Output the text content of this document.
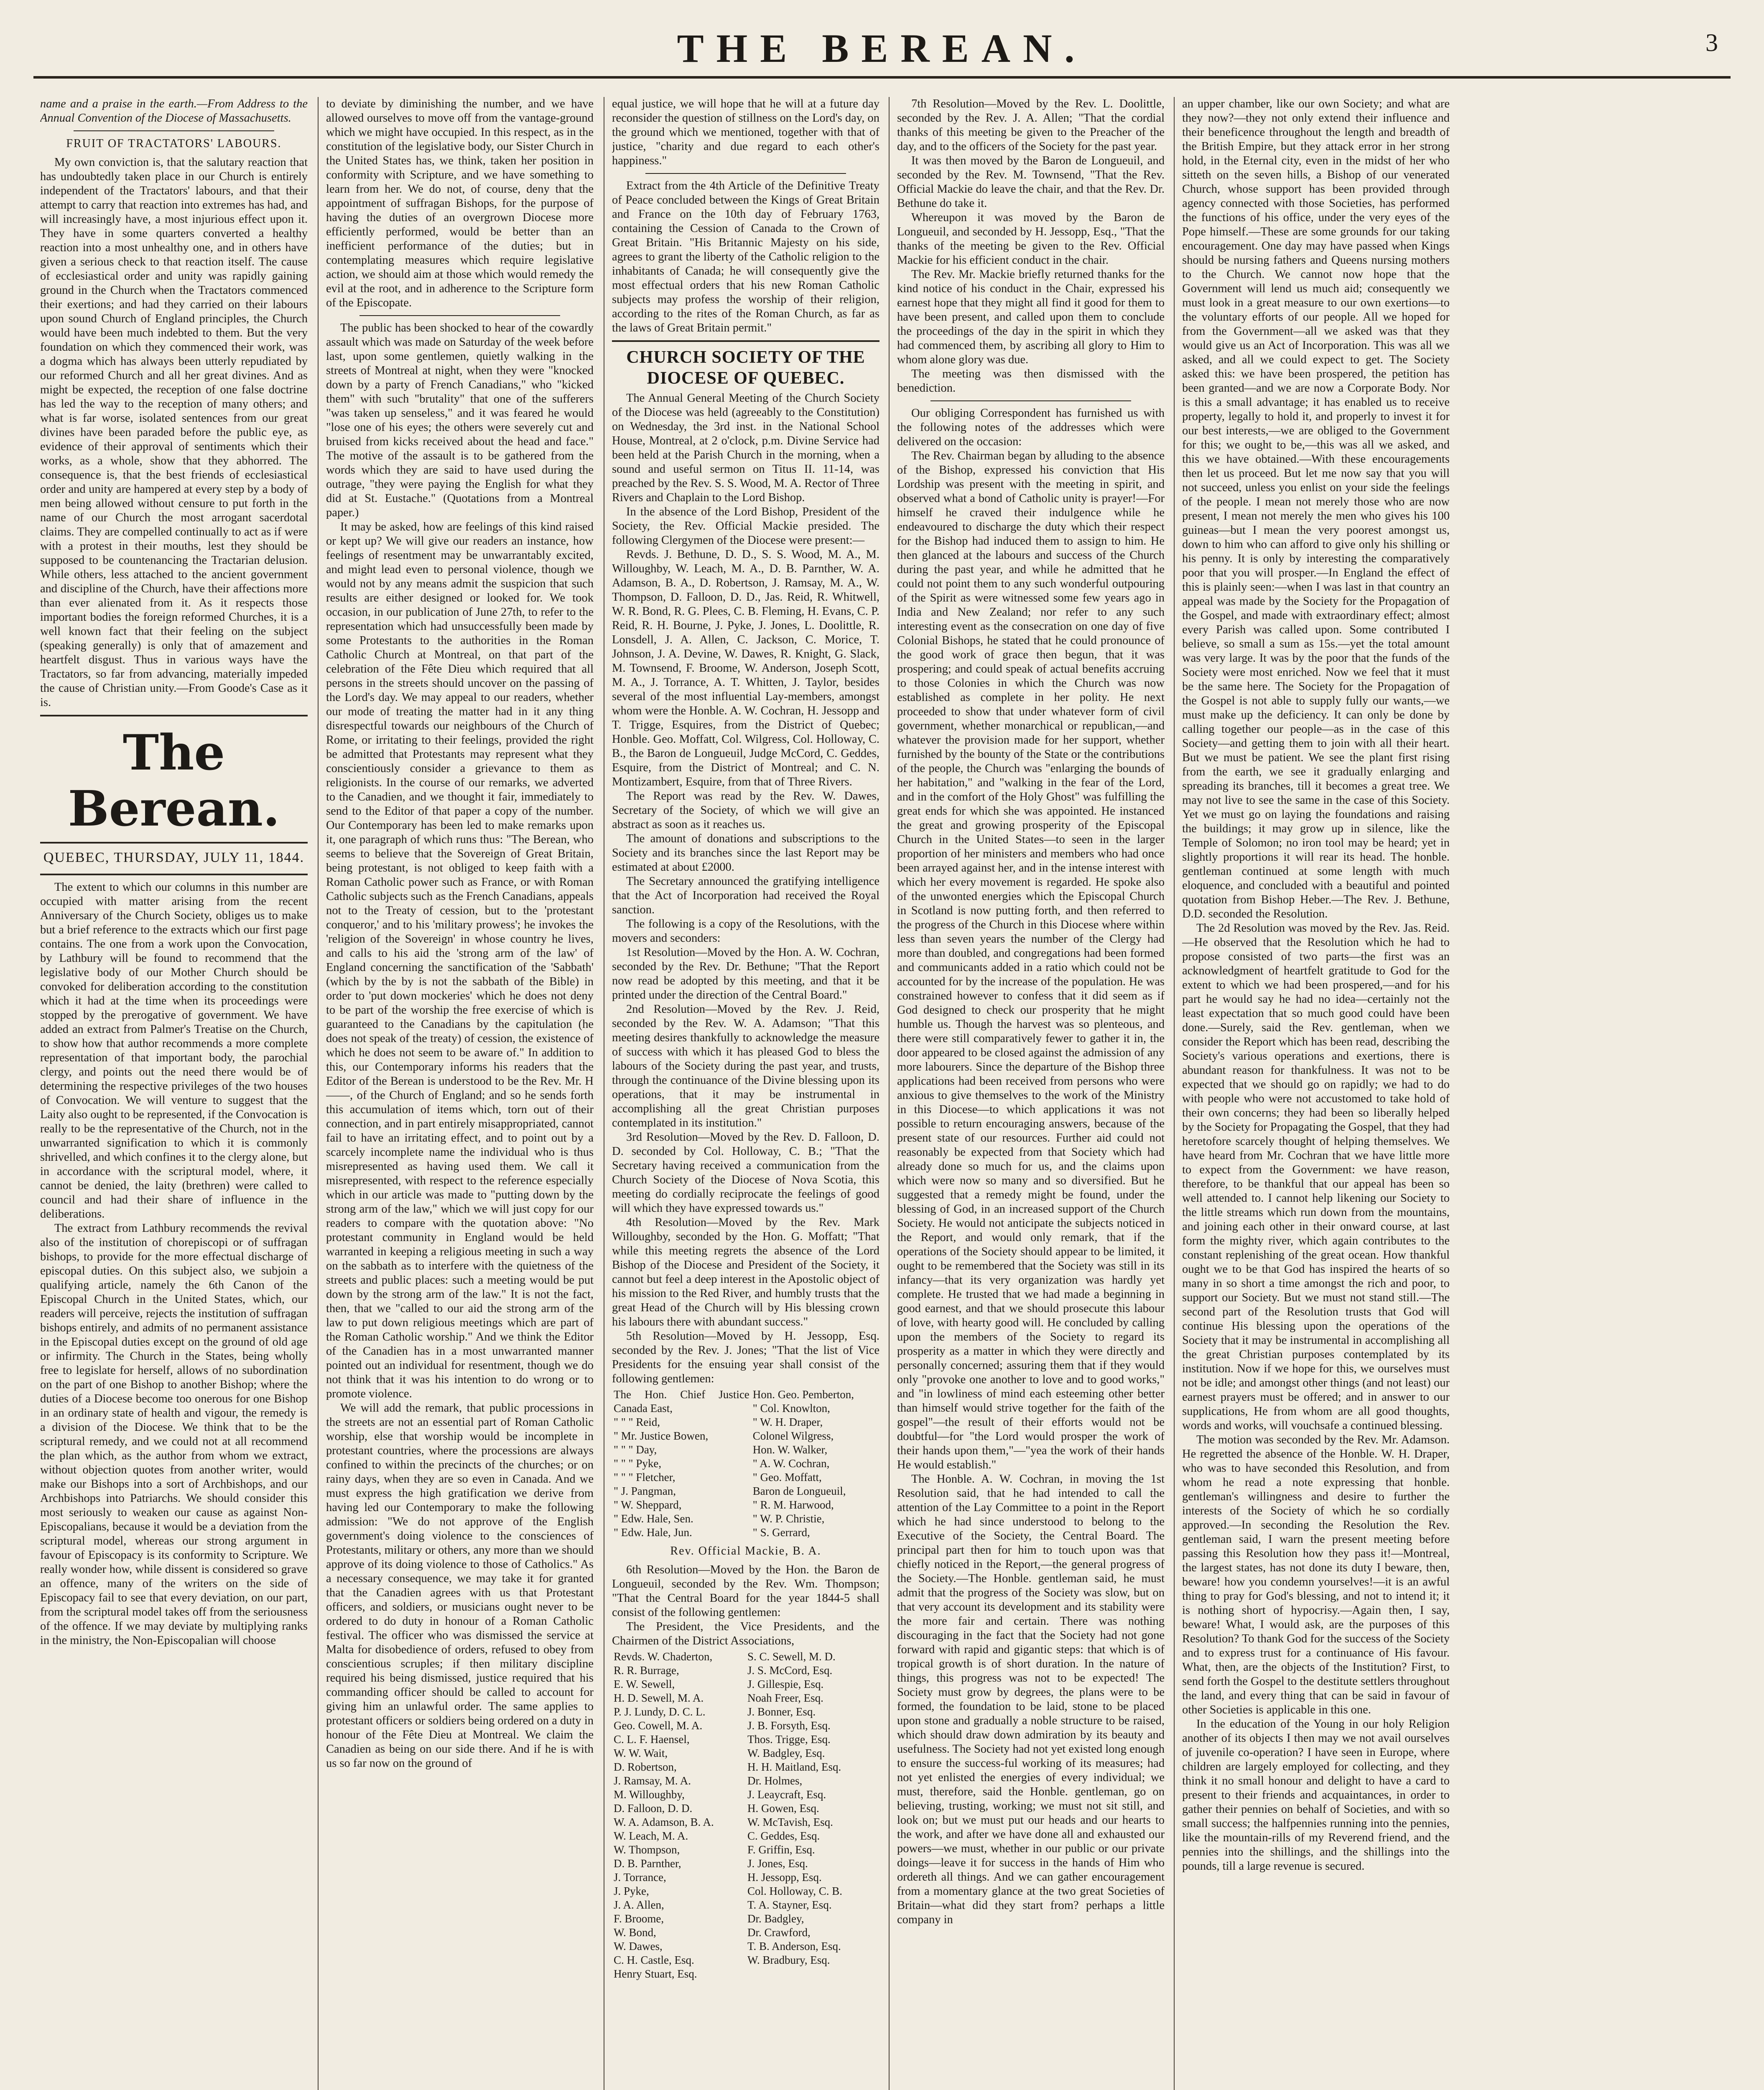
THE BEREAN.	3

name and a praise in the earth.—From Address to the Annual Convention of the Diocese of Massachusetts.

FRUIT OF TRACTATORS' LABOURS.

My own conviction is, that the salutary reaction that has undoubtedly taken place in our Church is entirely independent of the Tractators' labours, and that their attempt to carry that reaction into extremes has had, and will increasingly have, a most injurious effect upon it. They have in some quarters converted a healthy reaction into a most unhealthy one, and in others have given a serious check to that reaction itself. The cause of ecclesiastical order and unity was rapidly gaining ground in the Church when the Tractators commenced their exertions; and had they carried on their labours upon sound Church of England principles, the Church would have been much indebted to them. But the very foundation on which they commenced their work, was a dogma which has always been utterly repudiated by our reformed Church and all her great divines. And as might be expected, the reception of one false doctrine has led the way to the reception of many others; and what is far worse, isolated sentences from our great divines have been paraded before the public eye, as evidence of their approval of sentiments which their works, as a whole, show that they abhorred. The consequence is, that the best friends of ecclesiastical order and unity are hampered at every step by a body of men being allowed without censure to put forth in the name of our Church the most arrogant sacerdotal claims. They are compelled continually to act as if were with a protest in their mouths, lest they should be supposed to be countenancing the Tractarian delusion. While others, less attached to the ancient government and discipline of the Church, have their affections more than ever alienated from it. As it respects those important bodies the foreign reformed Churches, it is a well known fact that their feeling on the subject (speaking generally) is only that of amazement and heartfelt disgust. Thus in various ways have the Tractators, so far from advancing, materially impeded the cause of Christian unity.—From Goode's Case as it is.

The Berean.
QUEBEC, THURSDAY, JULY 11, 1844.

The extent to which our columns in this number are occupied with matter arising from the recent Anniversary of the Church Society, obliges us to make but a brief reference to the extracts which our first page contains. The one from a work upon the Convocation, by Lathbury will be found to recommend that the legislative body of our Mother Church should be convoked for deliberation according to the constitution which it had at the time when its proceedings were stopped by the prerogative of government. We have added an extract from Palmer's Treatise on the Church, to show how that author recommends a more complete representation of that important body, the parochial clergy, and points out the need there would be of determining the respective privileges of the two houses of Convocation. We will venture to suggest that the Laity also ought to be represented, if the Convocation is really to be the representative of the Church, not in the unwarranted signification to which it is commonly shrivelled, and which confines it to the clergy alone, but in accordance with the scriptural model, where, it cannot be denied, the laity (brethren) were called to council and had their share of influence in the deliberations.

The extract from Lathbury recommends the revival also of the institution of chorepiscopi or of suffragan bishops, to provide for the more effectual discharge of episcopal duties. On this subject also, we subjoin a qualifying article, namely the 6th Canon of the Episcopal Church in the United States, which, our readers will perceive, rejects the institution of suffragan bishops entirely, and admits of no permanent assistance in the Episcopal duties except on the ground of old age or infirmity. The Church in the States, being wholly free to legislate for herself, allows of no subordination on the part of one Bishop to another Bishop; where the duties of a Diocese become too onerous for one Bishop in an ordinary state of health and vigour, the remedy is a division of the Diocese. We think that to be the scriptural remedy, and we could not at all recommend the plan which, as the author from whom we extract, without objection quotes from another writer, would make our Bishops into a sort of Archbishops, and our Archbishops into Patriarchs. We should consider this most seriously to weaken our cause as against Non-Episcopalians, because it would be a deviation from the scriptural model, whereas our strong argument in favour of Episcopacy is its conformity to Scripture. We really wonder how, while dissent is considered so grave an offence, many of the writers on the side of Episcopacy fail to see that every deviation, on our part, from the scriptural model takes off from the seriousness of the offence. If we may deviate by multiplying ranks in the ministry, the Non-Episcopalian will choose

to deviate by diminishing the number, and we have allowed ourselves to move off from the vantage-ground which we might have occupied. In this respect, as in the constitution of the legislative body, our Sister Church in the United States has, we think, taken her position in conformity with Scripture, and we have something to learn from her. We do not, of course, deny that the appointment of suffragan Bishops, for the purpose of having the duties of an overgrown Diocese more efficiently performed, would be better than an inefficient performance of the duties; but in contemplating measures which require legislative action, we should aim at those which would remedy the evil at the root, and in adherence to the Scripture form of the Episcopate.

The public has been shocked to hear of the cowardly assault which was made on Saturday of the week before last, upon some gentlemen, quietly walking in the streets of Montreal at night, when they were "knocked down by a party of French Canadians," who "kicked them" with such "brutality" that one of the sufferers "was taken up senseless," and it was feared he would "lose one of his eyes; the others were severely cut and bruised from kicks received about the head and face." The motive of the assault is to be gathered from the words which they are said to have used during the outrage, "they were paying the English for what they did at St. Eustache." (Quotations from a Montreal paper.)

It may be asked, how are feelings of this kind raised or kept up? We will give our readers an instance, how feelings of resentment may be unwarrantably excited, and might lead even to personal violence, though we would not by any means admit the suspicion that such results are either designed or looked for. We took occasion, in our publication of June 27th, to refer to the representation which had unsuccessfully been made by some Protestants to the authorities in the Roman Catholic Church at Montreal, on that part of the celebration of the Fête Dieu which required that all persons in the streets should uncover on the passing of the Lord's day. We may appeal to our readers, whether our mode of treating the matter had in it any thing disrespectful towards our neighbours of the Church of Rome, or irritating to their feelings, provided the right be admitted that Protestants may represent what they conscientiously consider a grievance to them as religionists. In the course of our remarks, we adverted to the Canadien, and we thought it fair, immediately to send to the Editor of that paper a copy of the number. Our Contemporary has been led to make remarks upon it, one paragraph of which runs thus: "The Berean, who seems to believe that the Sovereign of Great Britain, being protestant, is not obliged to keep faith with a Roman Catholic power such as France, or with Roman Catholic subjects such as the French Canadians, appeals not to the Treaty of cession, but to the 'protestant conqueror,' and to his 'military prowess'; he invokes the 'religion of the Sovereign' in whose country he lives, and calls to his aid the 'strong arm of the law' of England concerning the sanctification of the 'Sabbath' (which by the by is not the sabbath of the Bible) in order to 'put down mockeries' which he does not deny to be part of the worship the free exercise of which is guaranteed to the Canadians by the capitulation (he does not speak of the treaty) of cession, the existence of which he does not seem to be aware of." In addition to this, our Contemporary informs his readers that the Editor of the Berean is understood to be the Rev. Mr. H——, of the Church of England; and so he sends forth this accumulation of items which, torn out of their connection, and in part entirely misappropriated, cannot fail to have an irritating effect, and to point out by a scarcely incomplete name the individual who is thus misrepresented as having used them. We call it misrepresented, with respect to the reference especially which in our article was made to "putting down by the strong arm of the law," which we will just copy for our readers to compare with the quotation above: "No protestant community in England would be held warranted in keeping a religious meeting in such a way on the sabbath as to interfere with the quietness of the streets and public places: such a meeting would be put down by the strong arm of the law." It is not the fact, then, that we "called to our aid the strong arm of the law to put down religious meetings which are part of the Roman Catholic worship." And we think the Editor of the Canadien has in a most unwarranted manner pointed out an individual for resentment, though we do not think that it was his intention to do wrong or to promote violence.

We will add the remark, that public processions in the streets are not an essential part of Roman Catholic worship, else that worship would be incomplete in protestant countries, where the processions are always confined to within the precincts of the churches; or on rainy days, when they are so even in Canada. And we must express the high gratification we derive from having led our Contemporary to make the following admission: "We do not approve of the English government's doing violence to the consciences of Protestants, military or others, any more than we should approve of its doing violence to those of Catholics." As a necessary consequence, we may take it for granted that the Canadien agrees with us that Protestant officers, and soldiers, or musicians ought never to be ordered to do duty in honour of a Roman Catholic festival. The officer who was dismissed the service at Malta for disobedience of orders, refused to obey from conscientious scruples; if then military discipline required his being dismissed, justice required that his commanding officer should be called to account for giving him an unlawful order. The same applies to protestant officers or soldiers being ordered on a duty in honour of the Fête Dieu at Montreal. We claim the Canadien as being on our side there. And if he is with us so far now on the ground of

equal justice, we will hope that he will at a future day reconsider the question of stillness on the Lord's day, on the ground which we mentioned, together with that of justice, "charity and due regard to each other's happiness."

Extract from the 4th Article of the Definitive Treaty of Peace concluded between the Kings of Great Britain and France on the 10th day of February 1763, containing the Cession of Canada to the Crown of Great Britain. "His Britannic Majesty on his side, agrees to grant the liberty of the Catholic religion to the inhabitants of Canada; he will consequently give the most effectual orders that his new Roman Catholic subjects may profess the worship of their religion, according to the rites of the Roman Church, as far as the laws of Great Britain permit."

CHURCH SOCIETY OF THE DIOCESE OF QUEBEC.

The Annual General Meeting of the Church Society of the Diocese was held (agreeably to the Constitution) on Wednesday, the 3rd inst. in the National School House, Montreal, at 2 o'clock, p.m. Divine Service had been held at the Parish Church in the morning, when a sound and useful sermon on Titus II. 11-14, was preached by the Rev. S. S. Wood, M. A. Rector of Three Rivers and Chaplain to the Lord Bishop.

In the absence of the Lord Bishop, President of the Society, the Rev. Official Mackie presided. The following Clergymen of the Diocese were present:—

Revds. J. Bethune, D. D., S. S. Wood, M. A., M. Willoughby, W. Leach, M. A., D. B. Parnther, W. A. Adamson, B. A., D. Robertson, J. Ramsay, M. A., W. Thompson, D. Falloon, D. D., Jas. Reid, R. Whitwell, W. R. Bond, R. G. Plees, C. B. Fleming, H. Evans, C. P. Reid, R. H. Bourne, J. Pyke, J. Jones, L. Doolittle, R. Lonsdell, J. A. Allen, C. Jackson, C. Morice, T. Johnson, J. A. Devine, W. Dawes, R. Knight, G. Slack, M. Townsend, F. Broome, W. Anderson, Joseph Scott, M. A., J. Torrance, A. T. Whitten, J. Taylor, besides several of the most influential Lay-members, amongst whom were the Honble. A. W. Cochran, H. Jessopp and T. Trigge, Esquires, from the District of Quebec; Honble. Geo. Moffatt, Col. Wilgress, Col. Holloway, C. B., the Baron de Longueuil, Judge McCord, C. Geddes, Esquire, from the District of Montreal; and C. N. Montizambert, Esquire, from that of Three Rivers.

The Report was read by the Rev. W. Dawes, Secretary of the Society, of which we will give an abstract as soon as it reaches us.

The amount of donations and subscriptions to the Society and its branches since the last Report may be estimated at about £2000.

The Secretary announced the gratifying intelligence that the Act of Incorporation had received the Royal sanction.

The following is a copy of the Resolutions, with the movers and seconders:

1st Resolution—Moved by the Hon. A. W. Cochran, seconded by the Rev. Dr. Bethune; "That the Report now read be adopted by this meeting, and that it be printed under the direction of the Central Board."

2nd Resolution—Moved by the Rev. J. Reid, seconded by the Rev. W. A. Adamson; "That this meeting desires thankfully to acknowledge the measure of success with which it has pleased God to bless the labours of the Society during the past year, and trusts, through the continuance of the Divine blessing upon its operations, that it may be instrumental in accomplishing all the great Christian purposes contemplated in its institution."

3rd Resolution—Moved by the Rev. D. Falloon, D. D. seconded by Col. Holloway, C. B.; "That the Secretary having received a communication from the Church Society of the Diocese of Nova Scotia, this meeting do cordially reciprocate the feelings of good will which they have expressed towards us."

4th Resolution—Moved by the Rev. Mark Willoughby, seconded by the Hon. G. Moffatt; "That while this meeting regrets the absence of the Lord Bishop of the Diocese and President of the Society, it cannot but feel a deep interest in the Apostolic object of his mission to the Red River, and humbly trusts that the great Head of the Church will by His blessing crown his labours there with abundant success."

5th Resolution—Moved by H. Jessopp, Esq. seconded by the Rev. J. Jones; "That the list of Vice Presidents for the ensuing year shall consist of the following gentlemen:

The Hon. Chief Justice Canada East,
" " " Reid,
" Mr. Justice Bowen,
" " " Day,
" " " Pyke,
" " " Fletcher,
" J. Pangman,
" W. Sheppard,
" Edw. Hale, Sen.
" Edw. Hale, Jun.

Hon. Geo. Pemberton,
" Col. Knowlton,
" W. H. Draper,
Colonel Wilgress,
Hon. W. Walker,
" A. W. Cochran,
" Geo. Moffatt,
Baron de Longueuil,
" R. M. Harwood,
" W. P. Christie,
" S. Gerrard,
Rev. Official Mackie, B. A.

6th Resolution—Moved by the Hon. the Baron de Longueuil, seconded by the Rev. Wm. Thompson; "That the Central Board for the year 1844-5 shall consist of the following gentlemen:

The President, the Vice Presidents, and the Chairmen of the District Associations,

Revds. W. Chaderton,
R. R. Burrage,
E. W. Sewell,
H. D. Sewell, M. A.
P. J. Lundy, D. C. L.
Geo. Cowell, M. A.
C. L. F. Haensel,
W. W. Wait,
D. Robertson,
J. Ramsay, M. A.
M. Willoughby,
D. Falloon, D. D.
W. A. Adamson, B. A.
W. Leach, M. A.
W. Thompson,
D. B. Parnther,
J. Torrance,
J. Pyke,
J. A. Allen,
F. Broome,
W. Bond,
W. Dawes,
C. H. Castle, Esq.
Henry Stuart, Esq.

S. C. Sewell, M. D.
J. S. McCord, Esq.
J. Gillespie, Esq.
Noah Freer, Esq.
J. Bonner, Esq.
J. B. Forsyth, Esq.
Thos. Trigge, Esq.
W. Badgley, Esq.
H. H. Maitland, Esq.
Dr. Holmes,
J. Leaycraft, Esq.
H. Gowen, Esq.
W. McTavish, Esq.
C. Geddes, Esq.
F. Griffin, Esq.
J. Jones, Esq.
H. Jessopp, Esq.
Col. Holloway, C. B.
T. A. Stayner, Esq.
Dr. Badgley,
Dr. Crawford,
T. B. Anderson, Esq.
W. Bradbury, Esq.

7th Resolution—Moved by the Rev. L. Doolittle, seconded by the Rev. J. A. Allen; "That the cordial thanks of this meeting be given to the Preacher of the day, and to the officers of the Society for the past year.

It was then moved by the Baron de Longueuil, and seconded by the Rev. M. Townsend, "That the Rev. Official Mackie do leave the chair, and that the Rev. Dr. Bethune do take it.

Whereupon it was moved by the Baron de Longueuil, and seconded by H. Jessopp, Esq., "That the thanks of the meeting be given to the Rev. Official Mackie for his efficient conduct in the chair.

The Rev. Mr. Mackie briefly returned thanks for the kind notice of his conduct in the Chair, expressed his earnest hope that they might all find it good for them to have been present, and called upon them to conclude the proceedings of the day in the spirit in which they had commenced them, by ascribing all glory to Him to whom alone glory was due.

The meeting was then dismissed with the benediction.

Our obliging Correspondent has furnished us with the following notes of the addresses which were delivered on the occasion:

The Rev. Chairman began by alluding to the absence of the Bishop, expressed his conviction that His Lordship was present with the meeting in spirit, and observed what a bond of Catholic unity is prayer!—For himself he craved their indulgence while he endeavoured to discharge the duty which their respect for the Bishop had induced them to assign to him. He then glanced at the labours and success of the Church during the past year, and while he admitted that he could not point them to any such wonderful outpouring of the Spirit as were witnessed some few years ago in India and New Zealand; nor refer to any such interesting event as the consecration on one day of five Colonial Bishops, he stated that he could pronounce of the good work of grace then begun, that it was prospering; and could speak of actual benefits accruing to those Colonies in which the Church was now established as complete in her polity. He next proceeded to show that under whatever form of civil government, whether monarchical or republican,—and whatever the provision made for her support, whether furnished by the bounty of the State or the contributions of the people, the Church was "enlarging the bounds of her habitation," and "walking in the fear of the Lord, and in the comfort of the Holy Ghost" was fulfilling the great ends for which she was appointed. He instanced the great and growing prosperity of the Episcopal Church in the United States—to seen in the larger proportion of her ministers and members who had once been arrayed against her, and in the intense interest with which her every movement is regarded. He spoke also of the unwonted energies which the Episcopal Church in Scotland is now putting forth, and then referred to the progress of the Church in this Diocese where within less than seven years the number of the Clergy had more than doubled, and congregations had been formed and communicants added in a ratio which could not be accounted for by the increase of the population. He was constrained however to confess that it did seem as if God designed to check our prosperity that he might humble us. Though the harvest was so plenteous, and there were still comparatively fewer to gather it in, the door appeared to be closed against the admission of any more labourers. Since the departure of the Bishop three applications had been received from persons who were anxious to give themselves to the work of the Ministry in this Diocese—to which applications it was not possible to return encouraging answers, because of the present state of our resources. Further aid could not reasonably be expected from that Society which had already done so much for us, and the claims upon which were now so many and so diversified. But he suggested that a remedy might be found, under the blessing of God, in an increased support of the Church Society. He would not anticipate the subjects noticed in the Report, and would only remark, that if the operations of the Society should appear to be limited, it ought to be remembered that the Society was still in its infancy—that its very organization was hardly yet complete. He trusted that we had made a beginning in good earnest, and that we should prosecute this labour of love, with hearty good will. He concluded by calling upon the members of the Society to regard its prosperity as a matter in which they were directly and personally concerned; assuring them that if they would only "provoke one another to love and to good works," and "in lowliness of mind each esteeming other better than himself would strive together for the faith of the gospel"—the result of their efforts would not be doubtful—for "the Lord would prosper the work of their hands upon them,"—"yea the work of their hands He would establish."

The Honble. A. W. Cochran, in moving the 1st Resolution said, that he had intended to call the attention of the Lay Committee to a point in the Report which he had since understood to belong to the Executive of the Society, the Central Board. The principal part then for him to touch upon was that chiefly noticed in the Report,—the general progress of the Society.—The Honble. gentleman said, he must admit that the progress of the Society was slow, but on that very account its development and its stability were the more fair and certain. There was nothing discouraging in the fact that the Society had not gone forward with rapid and gigantic steps: that which is of tropical growth is of short duration. In the nature of things, this progress was not to be expected! The Society must grow by degrees, the plans were to be formed, the foundation to be laid, stone to be placed upon stone and gradually a noble structure to be raised, which should draw down admiration by its beauty and usefulness. The Society had not yet existed long enough to ensure the success-ful working of its measures; had not yet enlisted the energies of every individual; we must, therefore, said the Honble. gentleman, go on believing, trusting, working; we must not sit still, and look on; but we must put our heads and our hearts to the work, and after we have done all and exhausted our powers—we must, whether in our public or our private doings—leave it for success in the hands of Him who ordereth all things. And we can gather encouragement from a momentary glance at the two great Societies of Britain—what did they start from? perhaps a little company in

an upper chamber, like our own Society; and what are they now?—they not only extend their influence and their beneficence throughout the length and breadth of the British Empire, but they attack error in her strong hold, in the Eternal city, even in the midst of her who sitteth on the seven hills, a Bishop of our venerated Church, whose support has been provided through agency connected with those Societies, has performed the functions of his office, under the very eyes of the Pope himself.—These are some grounds for our taking encouragement. One day may have passed when Kings should be nursing fathers and Queens nursing mothers to the Church. We cannot now hope that the Government will lend us much aid; consequently we must look in a great measure to our own exertions—to the voluntary efforts of our people. All we hoped for from the Government—all we asked was that they would give us an Act of Incorporation. This was all we asked, and all we could expect to get. The Society asked this: we have been prospered, the petition has been granted—and we are now a Corporate Body. Nor is this a small advantage; it has enabled us to receive property, legally to hold it, and properly to invest it for our best interests,—we are obliged to the Government for this; we ought to be,—this was all we asked, and this we have obtained.—With these encouragements then let us proceed. But let me now say that you will not succeed, unless you enlist on your side the feelings of the people. I mean not merely those who are now present, I mean not merely the men who gives his 100 guineas—but I mean the very poorest amongst us, down to him who can afford to give only his shilling or his penny. It is only by interesting the comparatively poor that you will prosper.—In England the effect of this is plainly seen:—when I was last in that country an appeal was made by the Society for the Propagation of the Gospel, and made with extraordinary effect; almost every Parish was called upon. Some contributed I believe, so small a sum as 15s.—yet the total amount was very large. It was by the poor that the funds of the Society were most enriched. Now we feel that it must be the same here. The Society for the Propagation of the Gospel is not able to supply fully our wants,—we must make up the deficiency. It can only be done by calling together our people—as in the case of this Society—and getting them to join with all their heart. But we must be patient. We see the plant first rising from the earth, we see it gradually enlarging and spreading its branches, till it becomes a great tree. We may not live to see the same in the case of this Society. Yet we must go on laying the foundations and raising the buildings; it may grow up in silence, like the Temple of Solomon; no iron tool may be heard; yet in slightly proportions it will rear its head. The honble. gentleman continued at some length with much eloquence, and concluded with a beautiful and pointed quotation from Bishop Heber.—The Rev. J. Bethune, D.D. seconded the Resolution.

The 2d Resolution was moved by the Rev. Jas. Reid.—He observed that the Resolution which he had to propose consisted of two parts—the first was an acknowledgment of heartfelt gratitude to God for the extent to which we had been prospered,—and for his part he would say he had no idea—certainly not the least expectation that so much good could have been done.—Surely, said the Rev. gentleman, when we consider the Report which has been read, describing the Society's various operations and exertions, there is abundant reason for thankfulness. It was not to be expected that we should go on rapidly; we had to do with people who were not accustomed to take hold of their own concerns; they had been so liberally helped by the Society for Propagating the Gospel, that they had heretofore scarcely thought of helping themselves. We have heard from Mr. Cochran that we have little more to expect from the Government: we have reason, therefore, to be thankful that our appeal has been so well attended to. I cannot help likening our Society to the little streams which run down from the mountains, and joining each other in their onward course, at last form the mighty river, which again contributes to the constant replenishing of the great ocean. How thankful ought we to be that God has inspired the hearts of so many in so short a time amongst the rich and poor, to support our Society. But we must not stand still.—The second part of the Resolution trusts that God will continue His blessing upon the operations of the Society that it may be instrumental in accomplishing all the great Christian purposes contemplated by its institution. Now if we hope for this, we ourselves must not be idle; and amongst other things (and not least) our earnest prayers must be offered; and in answer to our supplications, He from whom are all good thoughts, words and works, will vouchsafe a continued blessing.

The motion was seconded by the Rev. Mr. Adamson. He regretted the absence of the Honble. W. H. Draper, who was to have seconded this Resolution, and from whom he read a note expressing that honble. gentleman's willingness and desire to further the interests of the Society of which he so cordially approved.—In seconding the Resolution the Rev. gentleman said, I warn the present meeting before passing this Resolution how they pass it!—Montreal, the largest states, has not done its duty I beware, then, beware! how you condemn yourselves!—it is an awful thing to pray for God's blessing, and not to intend it; it is nothing short of hypocrisy.—Again then, I say, beware! What, I would ask, are the purposes of this Resolution? To thank God for the success of the Society and to express trust for a continuance of His favour. What, then, are the objects of the Institution? First, to send forth the Gospel to the destitute settlers throughout the land, and every thing that can be said in favour of other Societies is applicable in this one.

In the education of the Young in our holy Religion another of its objects I then may we not avail ourselves of juvenile co-operation? I have seen in Europe, where children are largely employed for collecting, and they think it no small honour and delight to have a card to present to their friends and acquaintances, in order to gather their pennies on behalf of Societies, and with so small success; the halfpennies running into the pennies, like the mountain-rills of my Reverend friend, and the pennies into the shillings, and the shillings into the pounds, till a large revenue is secured.
